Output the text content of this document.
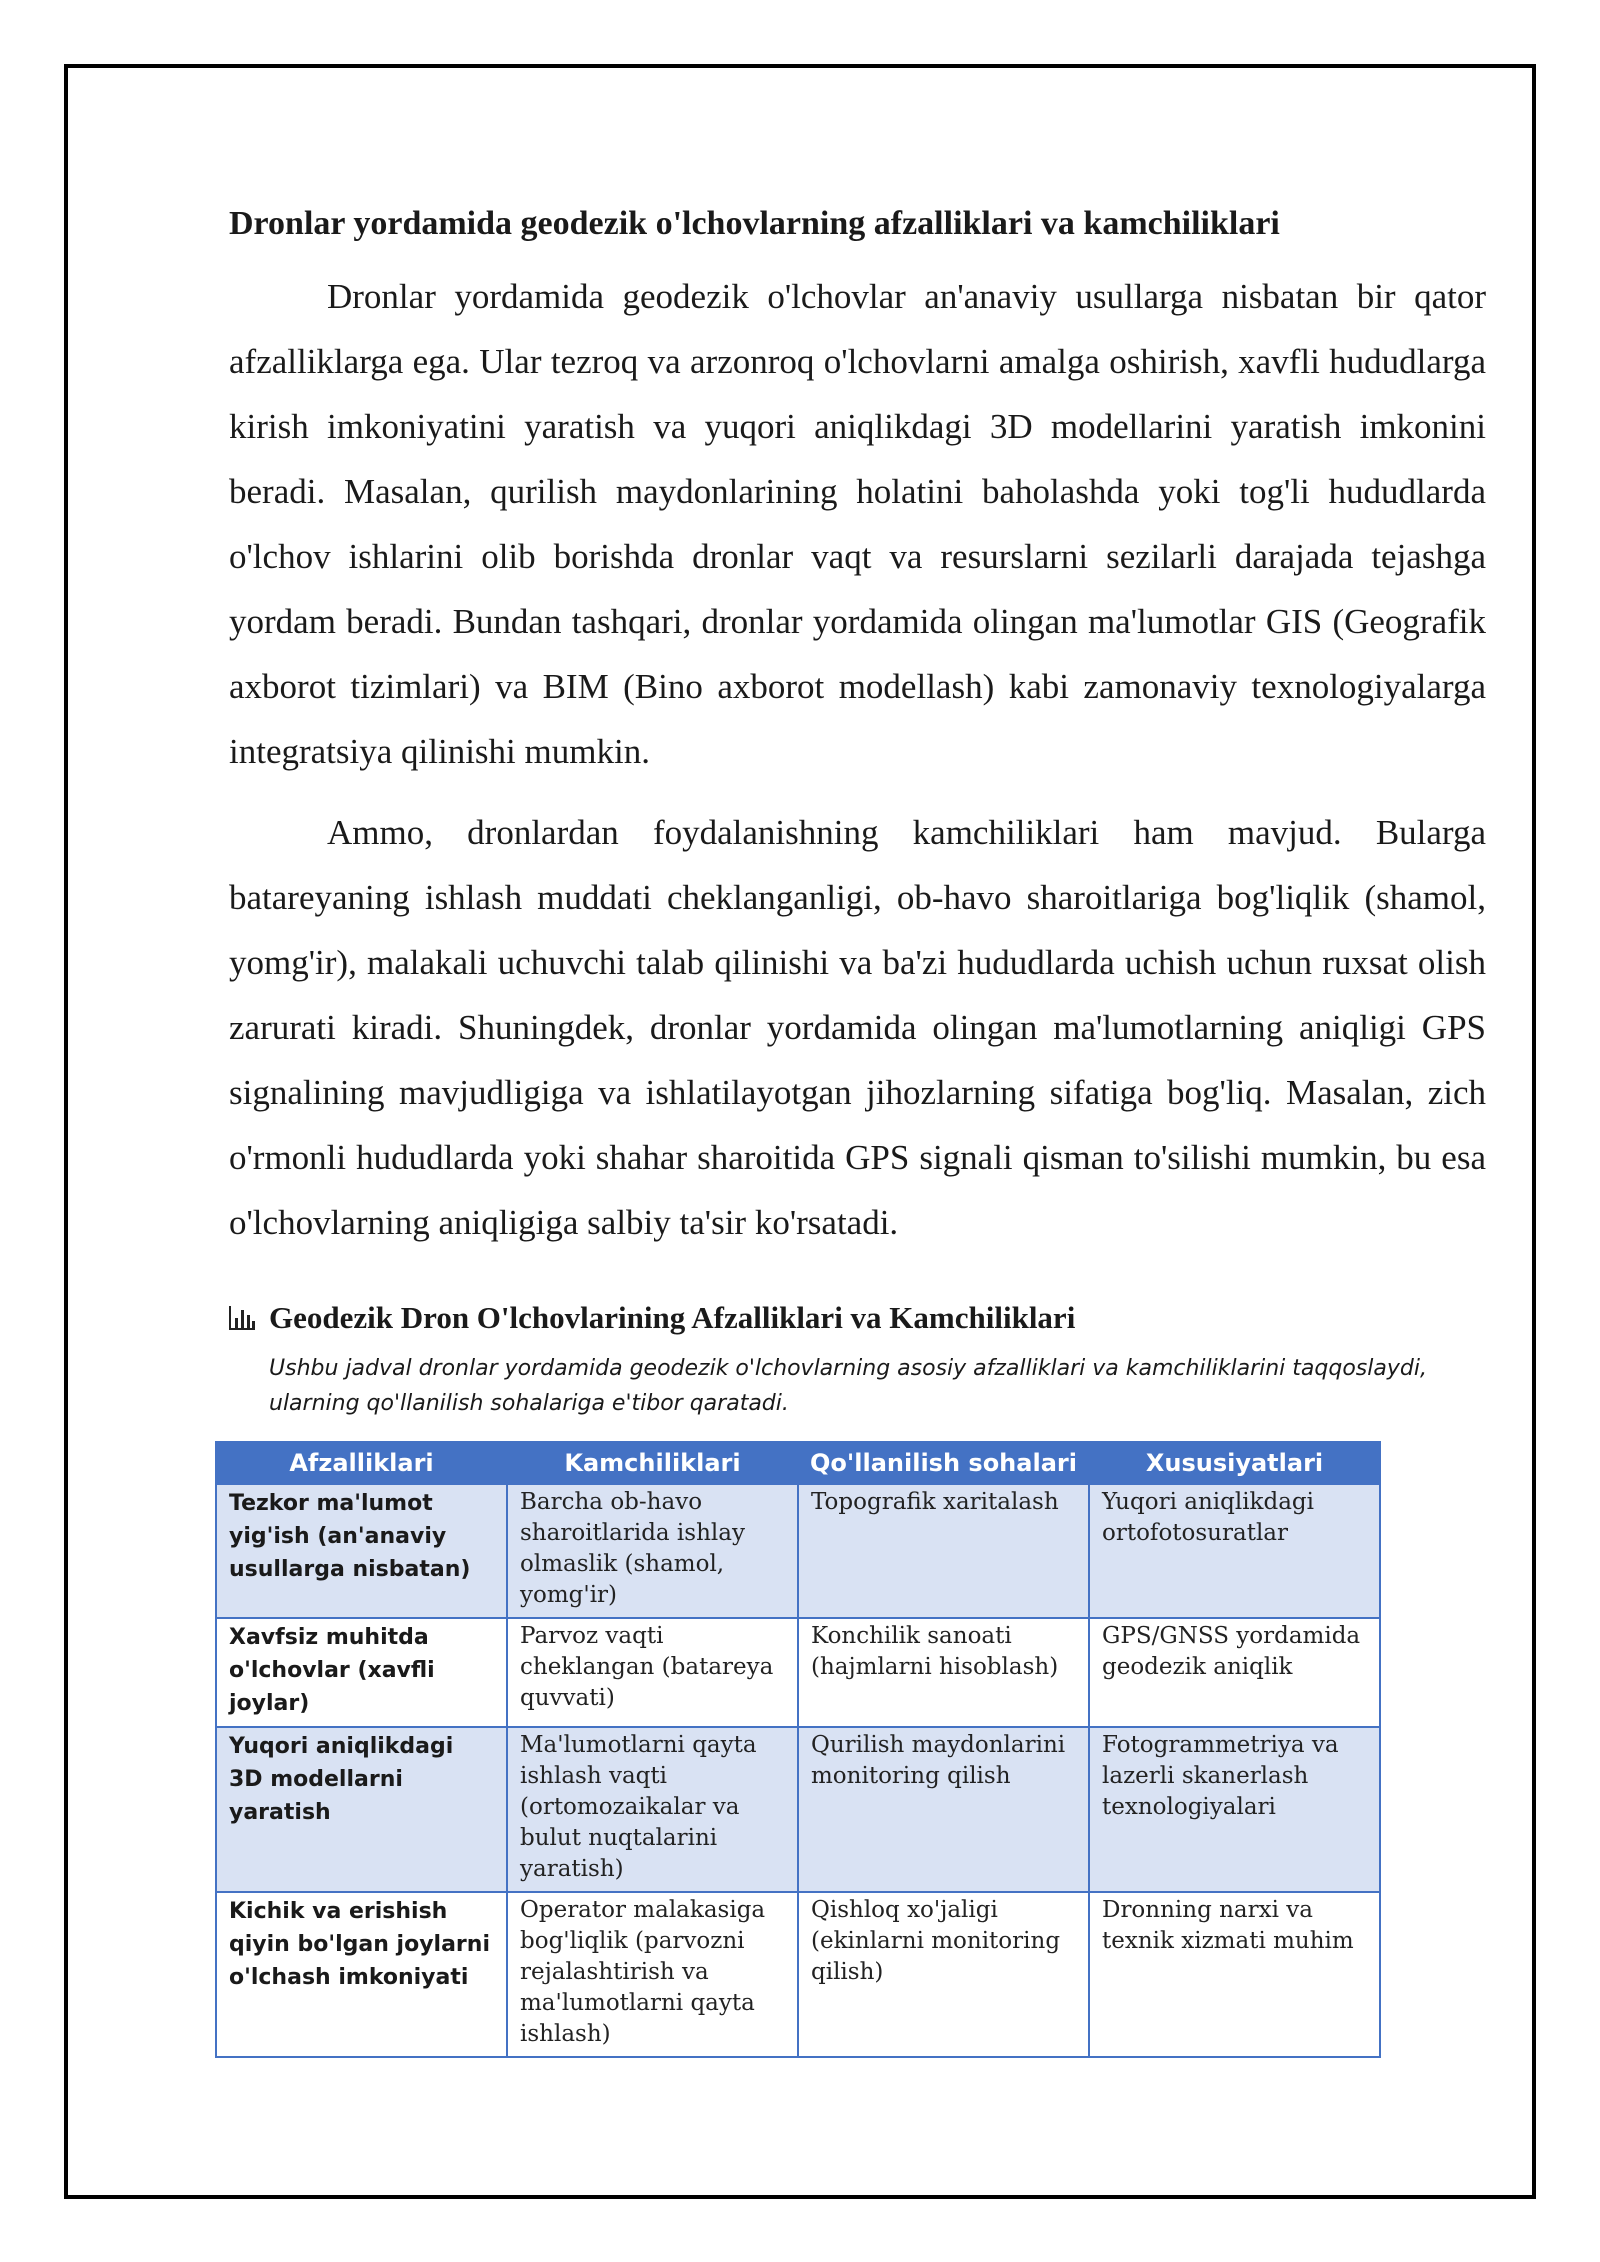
Dronlar yordamida geodezik o'lchovlarning afzalliklari va kamchiliklari

Dronlar yordamida geodezik o'lchovlar an'anaviy usullarga nisbatan bir qator afzalliklarga ega. Ular tezroq va arzonroq o'lchovlarni amalga oshirish, xavfli hududlarga kirish imkoniyatini yaratish va yuqori aniqlikdagi 3D modellarini yaratish imkonini beradi. Masalan, qurilish maydonlarining holatini baholashda yoki tog'li hududlarda o'lchov ishlarini olib borishda dronlar vaqt va resurslarni sezilarli darajada tejashga yordam beradi. Bundan tashqari, dronlar yordamida olingan ma'lumotlar GIS (Geografik axborot tizimlari) va BIM (Bino axborot modellash) kabi zamonaviy texnologiyalarga integratsiya qilinishi mumkin.

Ammo, dronlardan foydalanishning kamchiliklari ham mavjud. Bularga batareyaning ishlash muddati cheklanganligi, ob-havo sharoitlariga bog'liqlik (shamol, yomg'ir), malakali uchuvchi talab qilinishi va ba'zi hududlarda uchish uchun ruxsat olish zarurati kiradi. Shuningdek, dronlar yordamida olingan ma'lumotlarning aniqligi GPS signalining mavjudligiga va ishlatilayotgan jihozlarning sifatiga bog'liq. Masalan, zich o'rmonli hududlarda yoki shahar sharoitida GPS signali qisman to'silishi mumkin, bu esa o'lchovlarning aniqligiga salbiy ta'sir ko'rsatadi.

Geodezik Dron O'lchovlarining Afzalliklari va Kamchiliklari
Ushbu jadval dronlar yordamida geodezik o'lchovlarning asosiy afzalliklari va kamchiliklarini taqqoslaydi, ularning qo'llanilish sohalariga e'tibor qaratadi.
Afzalliklari	Kamchiliklari	Qo'llanilish sohalari	Xususiyatlari
Tezkor ma'lumot yig'ish (an'anaviy usullarga nisbatan)	Barcha ob-havo sharoitlarida ishlay olmaslik (shamol, yomg'ir)	Topografik xaritalash	Yuqori aniqlikdagi ortofotosuratlar
Xavfsiz muhitda o'lchovlar (xavfli joylar)	Parvoz vaqti cheklangan (batareya quvvati)	Konchilik sanoati (hajmlarni hisoblash)	GPS/GNSS yordamida geodezik aniqlik
Yuqori aniqlikdagi 3D modellarni yaratish	Ma'lumotlarni qayta ishlash vaqti (ortomozaikalar va bulut nuqtalarini yaratish)	Qurilish maydonlarini monitoring qilish	Fotogrammetriya va lazerli skanerlash texnologiyalari
Kichik va erishish qiyin bo'lgan joylarni o'lchash imkoniyati	Operator malakasiga bog'liqlik (parvozni rejalashtirish va ma'lumotlarni qayta ishlash)	Qishloq xo'jaligi (ekinlarni monitoring qilish)	Dronning narxi va texnik xizmati muhim
